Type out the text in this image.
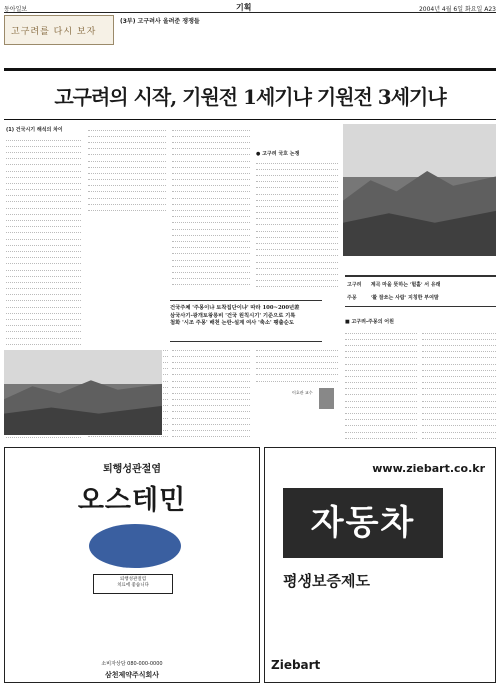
동아일보	기획	2004년 4월 6일 화요일 A23
고구려를 다시 보자
(3부) 고구려사 올려준 쟁쟁들
고구려의 시작, 기원전 1세기냐 기원전 3세기냐
(1) 건국시기 해석의 차이
● 고구려 국호 논쟁
■ 고구려-주몽의 어원
건국주체 '주몽이냐 토착집단이냐' 따라 100~200년差
삼국사기-광개토왕릉비 '건국 원칙시기' 기준으로 기록
첨화 '시조 주몽' 배천 논란-설계 여사 '축소' 팽출순도
고구려 계곡 마을 뜻하는 '헐홀' 서 유래
주몽	'활 잘쏘는 사람' 지칭한 부여말
이호관 교수
퇴행성관절염
오스테민
퇴행성관절염
치료에 좋습니다
소비자상담 080-000-0000
삼천제약주식회사
www.ziebart.co.kr
자동차
평생보증제도
Ziebart
